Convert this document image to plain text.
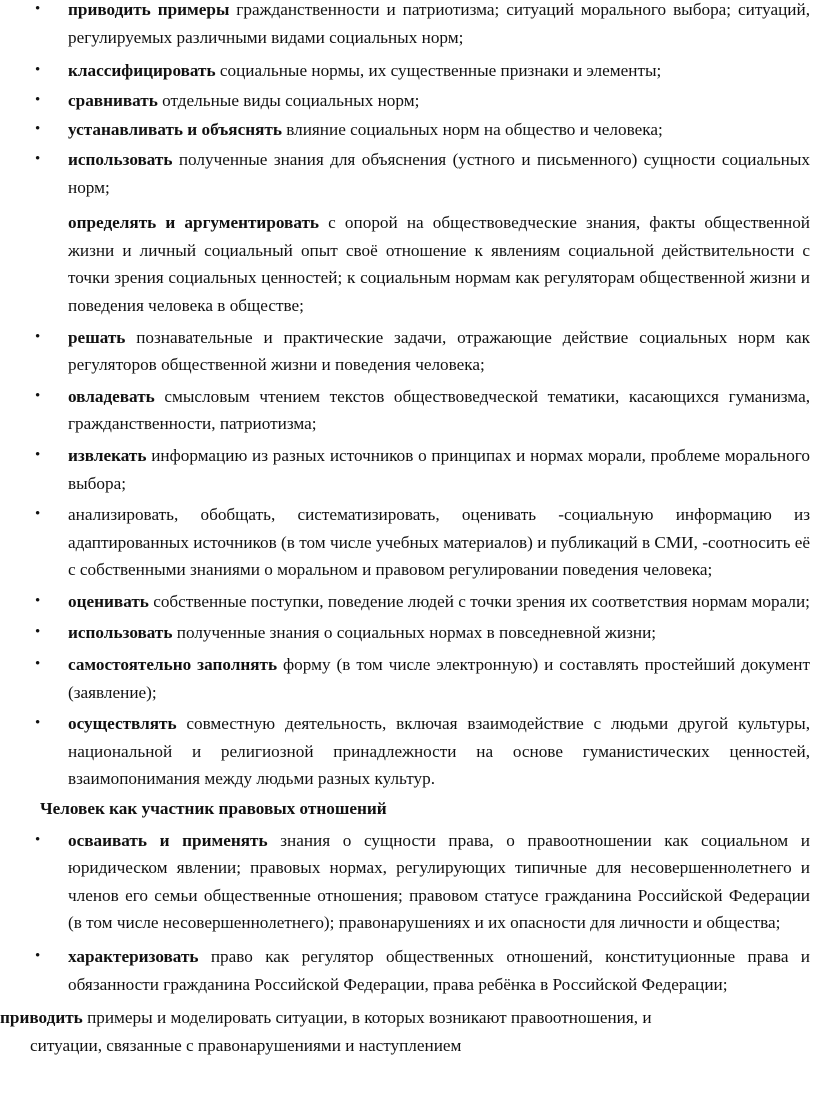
• приводить примеры гражданственности и патриотизма; ситуаций морального выбора; ситуаций, регулируемых различными видами социальных норм;
• классифицировать социальные нормы, их существенные признаки и элементы;
• сравнивать отдельные виды социальных норм;
• устанавливать и объяснять влияние социальных норм на общество и человека;
• использовать полученные знания для объяснения (устного и письменного) сущности социальных норм;
определять и аргументировать с опорой на обществоведческие знания, факты общественной жизни и личный социальный опыт своё отношение к явлениям социальной действительности с точки зрения социальных ценностей; к социальным нормам как регуляторам общественной жизни и поведения человека в обществе;
• решать познавательные и практические задачи, отражающие действие социальных норм как регуляторов общественной жизни и поведения человека;
• овладевать смысловым чтением текстов обществоведческой тематики, касающихся гуманизма, гражданственности, патриотизма;
• извлекать информацию из разных источников о принципах и нормах морали, проблеме морального выбора;
• анализировать, обобщать, систематизировать, оценивать -социальную информацию из адаптированных источников (в том числе учебных материалов) и публикаций в СМИ, -соотносить её с собственными знаниями о моральном и правовом регулировании поведения человека;
• оценивать собственные поступки, поведение людей с точки зрения их соответствия нормам морали;
• использовать полученные знания о социальных нормах в повседневной жизни;
• самостоятельно заполнять форму (в том числе электронную) и составлять простейший документ (заявление);
• осуществлять совместную деятельность, включая взаимодействие с людьми другой культуры, национальной и религиозной принадлежности на основе гуманистических ценностей, взаимопонимания между людьми разных культур.
Человек как участник правовых отношений
• осваивать и применять знания о сущности права, о правоотношении как социальном и юридическом явлении; правовых нормах, регулирующих типичные для несовершеннолетнего и членов его семьи общественные отношения; правовом статусе гражданина Российской Федерации (в том числе несовершеннолетнего); правонарушениях и их опасности для личности и общества;
• характеризовать право как регулятор общественных отношений, конституционные права и обязанности гражданина Российской Федерации, права ребёнка в Российской Федерации;
приводить примеры и моделировать ситуации, в которых возникают правоотношения, и
ситуации, связанные с правонарушениями и наступлением
